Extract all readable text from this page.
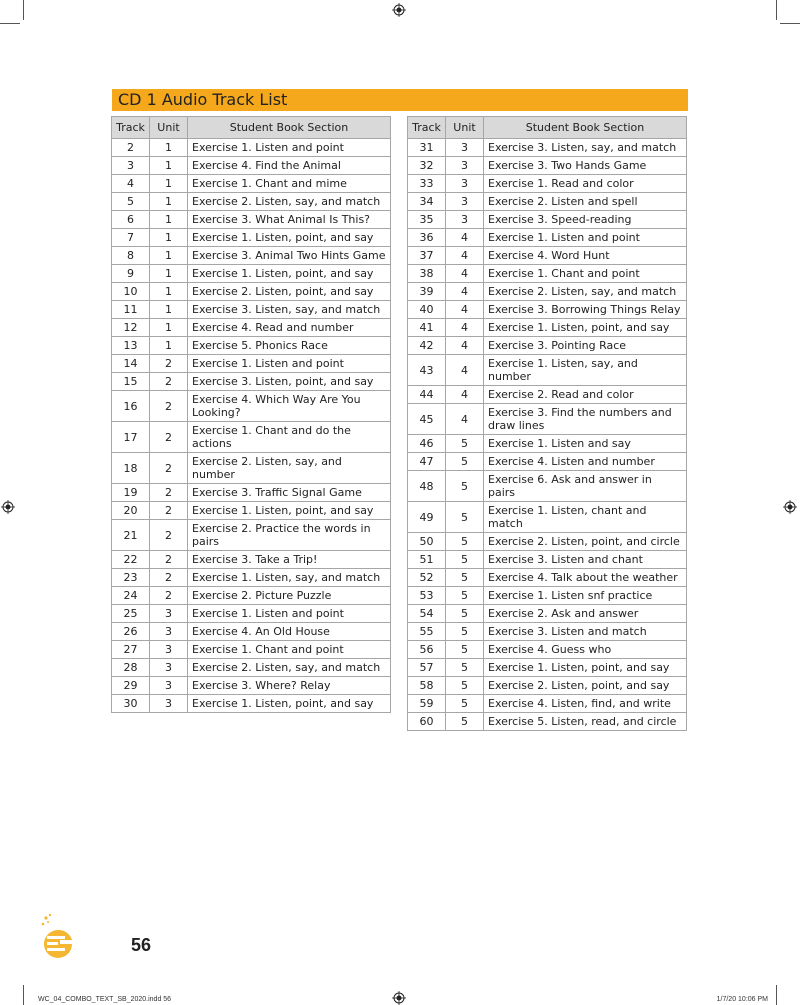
CD 1 Audio Track List
Track	Unit	Student Book Section
2	1	Exercise 1. Listen and point
3	1	Exercise 4. Find the Animal
4	1	Exercise 1. Chant and mime
5	1	Exercise 2. Listen, say, and match
6	1	Exercise 3. What Animal Is This?
7	1	Exercise 1. Listen, point, and say
8	1	Exercise 3. Animal Two Hints Game
9	1	Exercise 1. Listen, point, and say
10	1	Exercise 2. Listen, point, and say
11	1	Exercise 3. Listen, say, and match
12	1	Exercise 4. Read and number
13	1	Exercise 5. Phonics Race
14	2	Exercise 1. Listen and point
15	2	Exercise 3. Listen, point, and say
16	2	Exercise 4. Which Way Are You Looking?
17	2	Exercise 1. Chant and do the actions
18	2	Exercise 2. Listen, say, and number
19	2	Exercise 3. Traffic Signal Game
20	2	Exercise 1. Listen, point, and say
21	2	Exercise 2. Practice the words in pairs
22	2	Exercise 3. Take a Trip!
23	2	Exercise 1. Listen, say, and match
24	2	Exercise 2. Picture Puzzle
25	3	Exercise 1. Listen and point
26	3	Exercise 4. An Old House
27	3	Exercise 1. Chant and point
28	3	Exercise 2. Listen, say, and match
29	3	Exercise 3. Where? Relay
30	3	Exercise 1. Listen, point, and say
Track	Unit	Student Book Section
31	3	Exercise 3. Listen, say, and match
32	3	Exercise 3. Two Hands Game
33	3	Exercise 1. Read and color
34	3	Exercise 2. Listen and spell
35	3	Exercise 3. Speed-reading
36	4	Exercise 1. Listen and point
37	4	Exercise 4. Word Hunt
38	4	Exercise 1. Chant and point
39	4	Exercise 2. Listen, say, and match
40	4	Exercise 3. Borrowing Things Relay
41	4	Exercise 1. Listen, point, and say
42	4	Exercise 3. Pointing Race
43	4	Exercise 1. Listen, say, and number
44	4	Exercise 2. Read and color
45	4	Exercise 3. Find the numbers and draw lines
46	5	Exercise 1. Listen and say
47	5	Exercise 4. Listen and number
48	5	Exercise 6. Ask and answer in pairs
49	5	Exercise 1. Listen, chant and match
50	5	Exercise 2. Listen, point, and circle
51	5	Exercise 3. Listen and chant
52	5	Exercise 4. Talk about the weather
53	5	Exercise 1. Listen snf practice
54	5	Exercise 2. Ask and answer
55	5	Exercise 3. Listen and match
56	5	Exercise 4. Guess who
57	5	Exercise 1. Listen, point, and say
58	5	Exercise 2. Listen, point, and say
59	5	Exercise 4. Listen, find, and write
60	5	Exercise 5. Listen, read, and circle
56
WC_04_COMBO_TEXT_SB_2020.indd 56	1/7/20 10:06 PM
